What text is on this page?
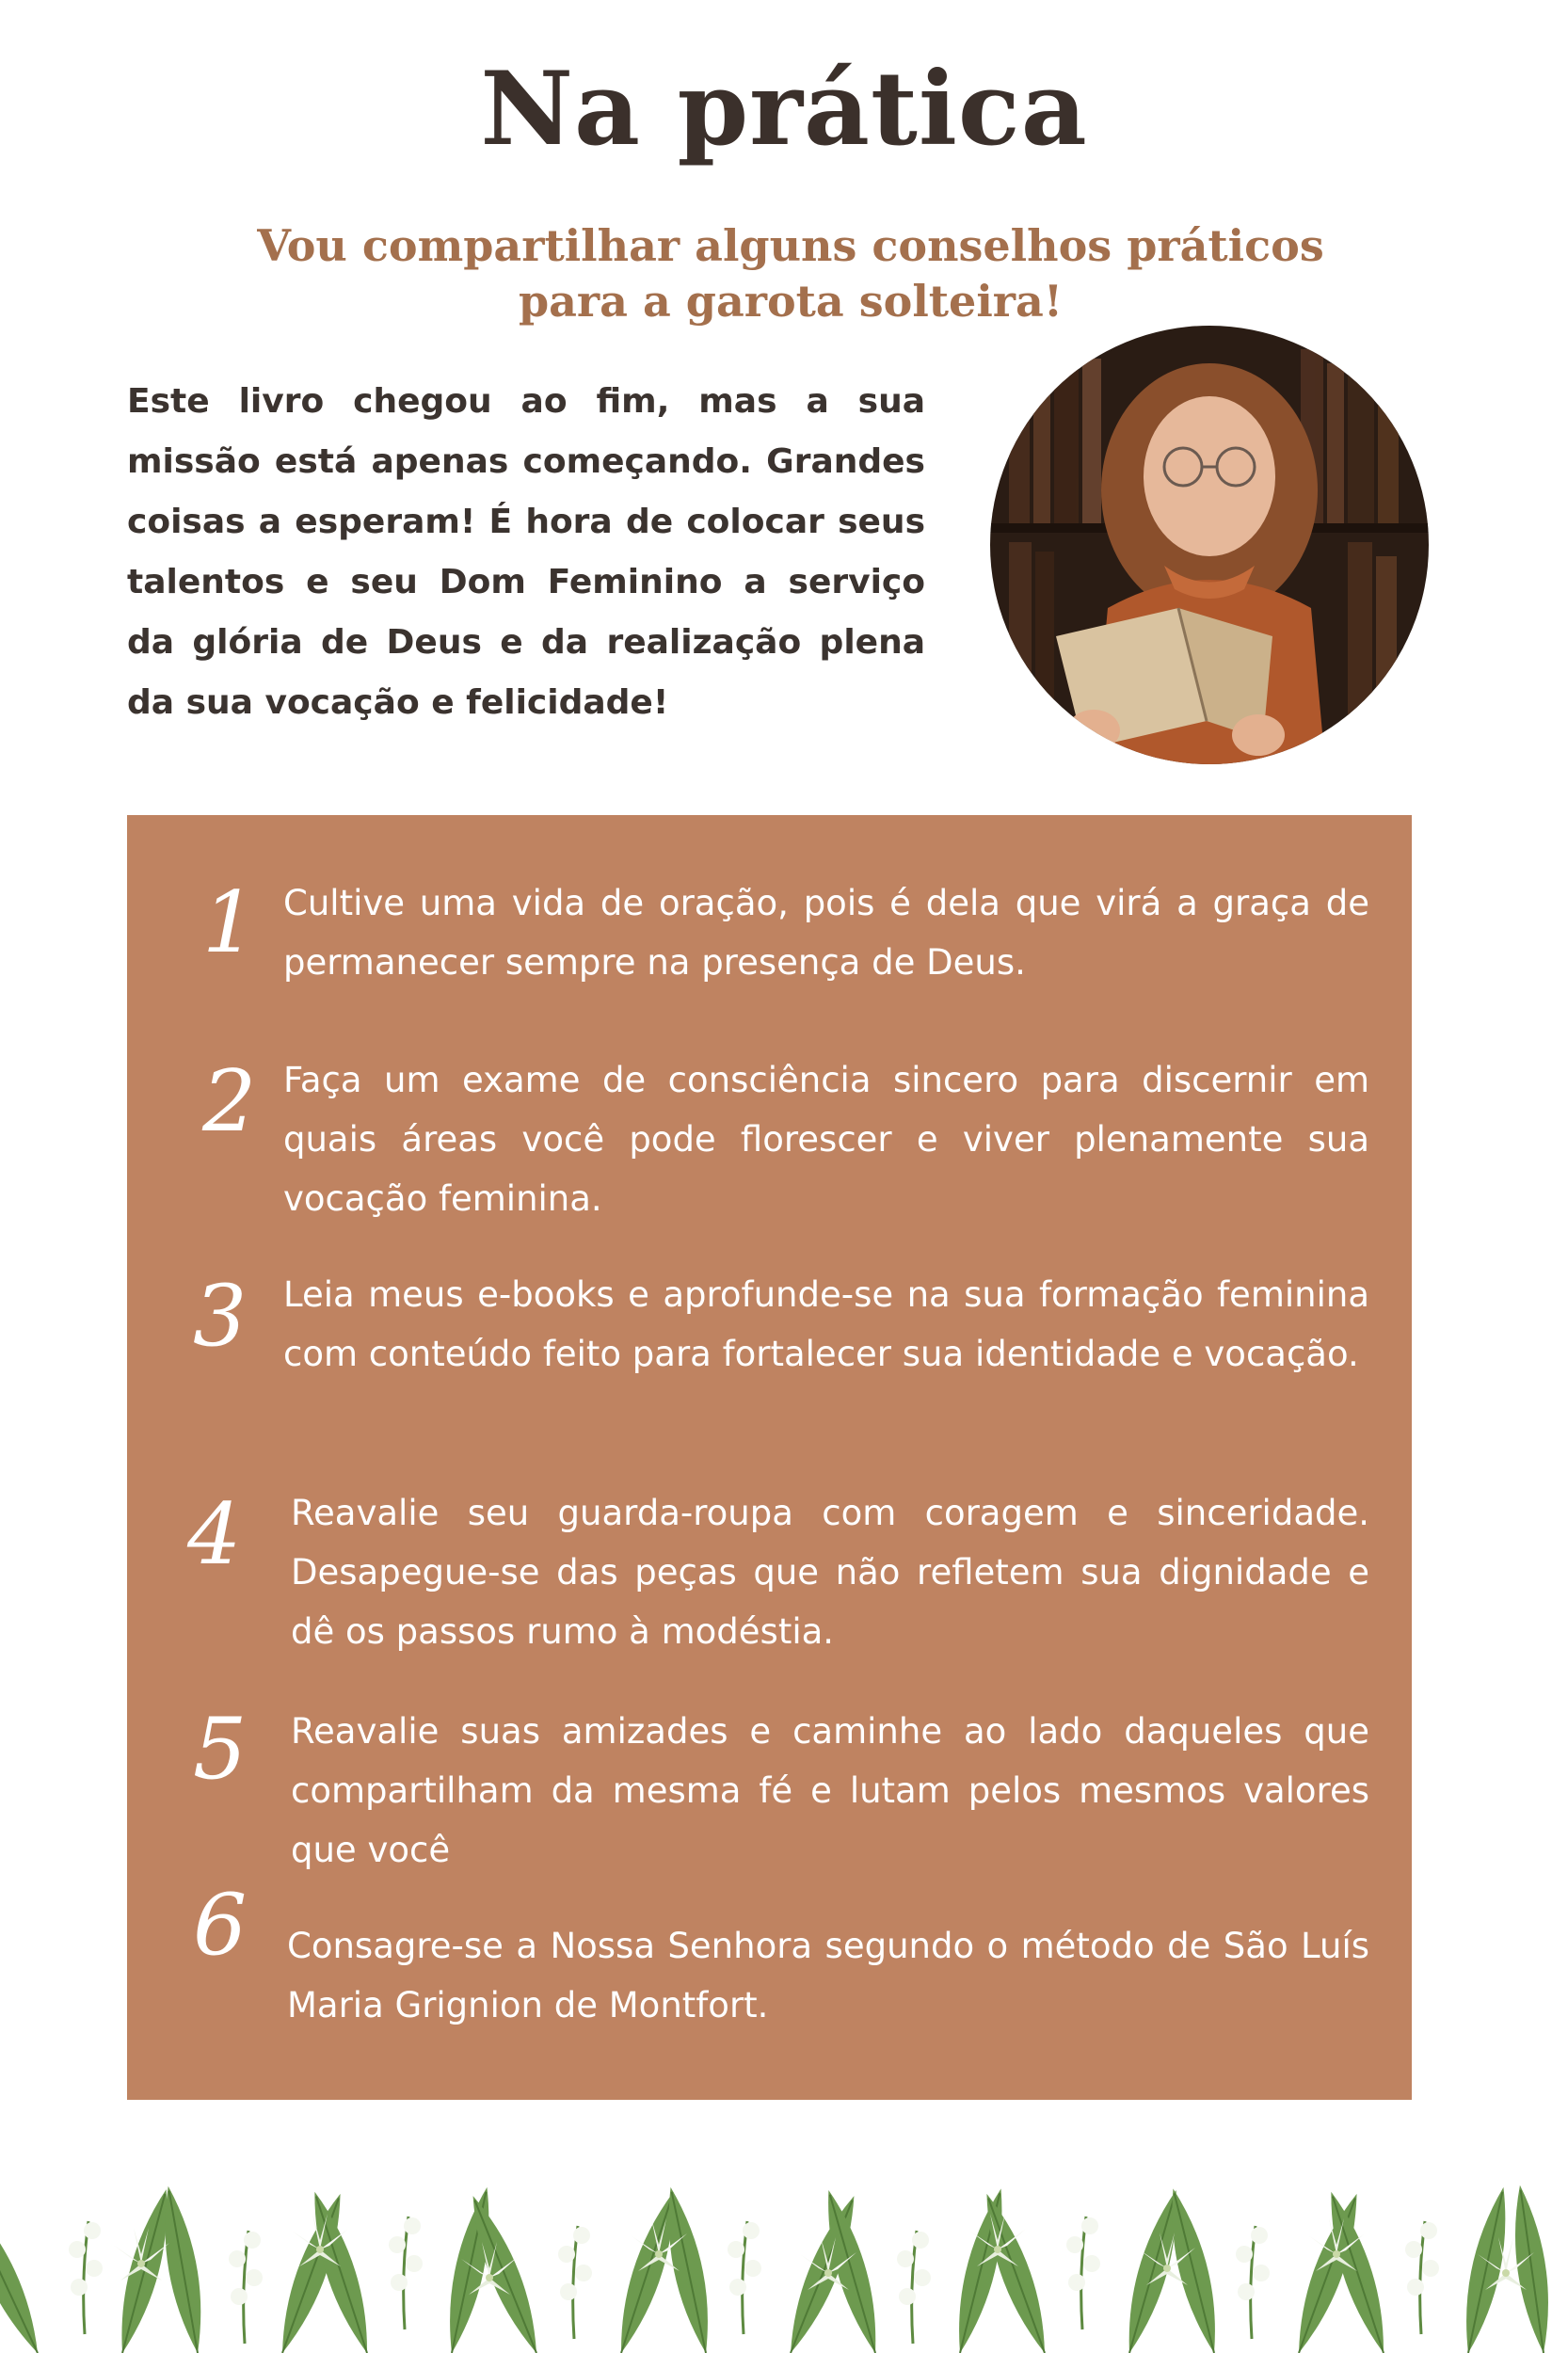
Na prática
Vou compartilhar alguns conselhos práticos para a garota solteira!

Este livro chegou ao fim, mas a sua missão está apenas começando. Grandes coisas a esperam! É hora de colocar seus talentos e seu Dom Feminino a serviço da glória de Deus e da realização plena da sua vocação e felicidade!

1 Cultive uma vida de oração, pois é dela que virá a graça de permanecer sempre na presença de Deus.
2 Faça um exame de consciência sincero para discernir em quais áreas você pode florescer e viver plenamente sua vocação feminina.
3 Leia meus e-books e aprofunde-se na sua formação feminina com conteúdo feito para fortalecer sua identidade e vocação.
4 Reavalie seu guarda-roupa com coragem e sinceridade. Desapegue-se das peças que não refletem sua dignidade e dê os passos rumo à modéstia.
5 Reavalie suas amizades e caminhe ao lado daqueles que compartilham da mesma fé e lutam pelos mesmos valores que você
6 Consagre-se a Nossa Senhora segundo o método de São Luís Maria Grignion de Montfort.
